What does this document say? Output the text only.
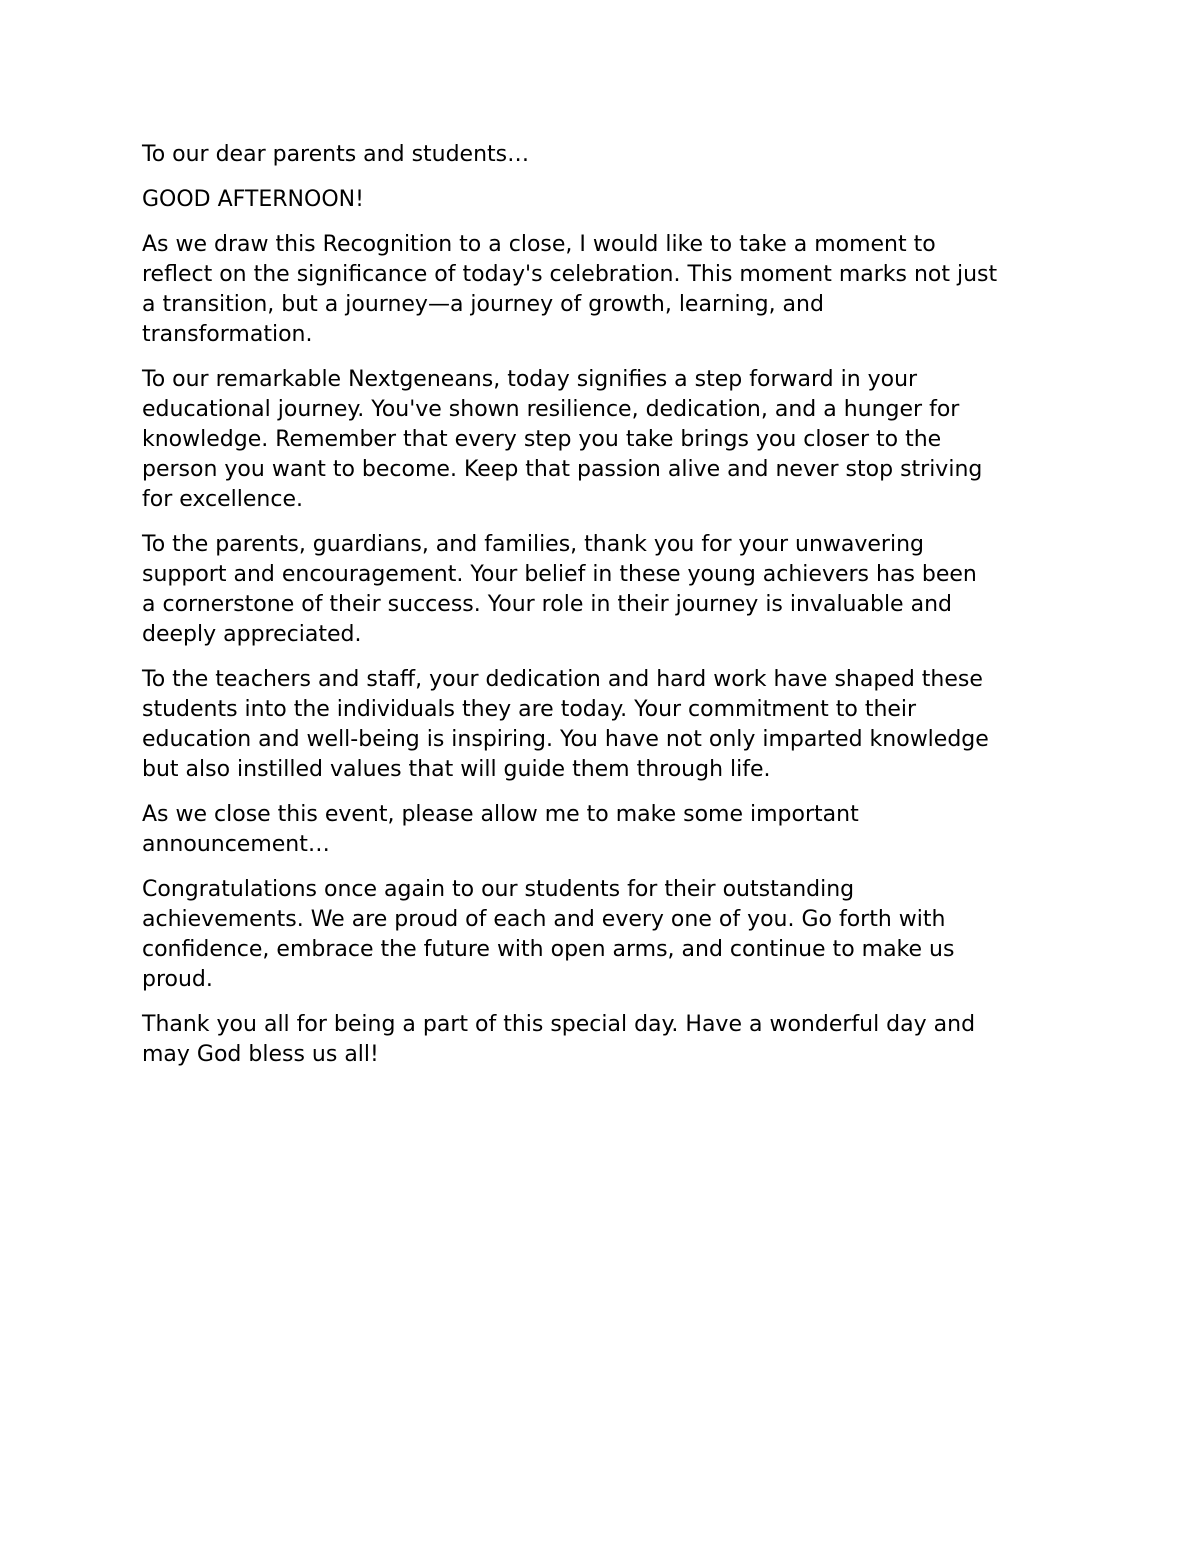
To our dear parents and students…

GOOD AFTERNOON!

As we draw this Recognition to a close, I would like to take a moment to
reflect on the significance of today's celebration. This moment marks not just
a transition, but a journey—a journey of growth, learning, and
transformation.

To our remarkable Nextgeneans, today signifies a step forward in your
educational journey. You've shown resilience, dedication, and a hunger for
knowledge. Remember that every step you take brings you closer to the
person you want to become. Keep that passion alive and never stop striving
for excellence.

To the parents, guardians, and families, thank you for your unwavering
support and encouragement. Your belief in these young achievers has been
a cornerstone of their success. Your role in their journey is invaluable and
deeply appreciated.

To the teachers and staff, your dedication and hard work have shaped these
students into the individuals they are today. Your commitment to their
education and well-being is inspiring. You have not only imparted knowledge
but also instilled values that will guide them through life.

As we close this event, please allow me to make some important
announcement…

Congratulations once again to our students for their outstanding
achievements. We are proud of each and every one of you. Go forth with
confidence, embrace the future with open arms, and continue to make us
proud.

Thank you all for being a part of this special day. Have a wonderful day and
may God bless us all!
